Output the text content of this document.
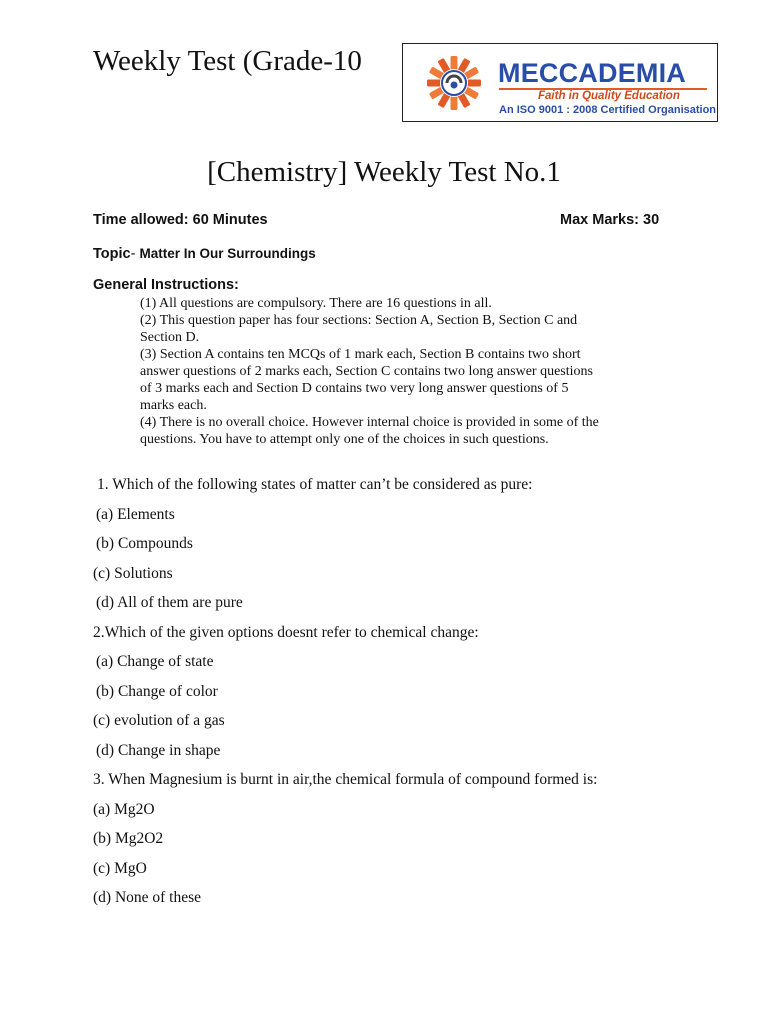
Weekly Test (Grade-10	MECCADEMIA
Faith in Quality Education
An ISO 9001 : 2008 Certified Organisation
[Chemistry] Weekly Test No.1
Time allowed: 60 Minutes	Max Marks: 30
Topic- Matter In Our Surroundings
General Instructions:
(1) All questions are compulsory. There are 16 questions in all.
(2) This question paper has four sections: Section A, Section B, Section C and
Section D.
(3) Section A contains ten MCQs of 1 mark each, Section B contains two short
answer questions of 2 marks each, Section C contains two long answer questions
of 3 marks each and Section D contains two very long answer questions of 5
marks each.
(4) There is no overall choice. However internal choice is provided in some of the
questions. You have to attempt only one of the choices in such questions.
1. Which of the following states of matter can’t be considered as pure:
(a) Elements
(b) Compounds
(c) Solutions
(d) All of them are pure
2.Which of the given options doesnt refer to chemical change:
(a) Change of state
(b) Change of color
(c) evolution of a gas
(d) Change in shape
3. When Magnesium is burnt in air,the chemical formula of compound formed is:
(a) Mg2O
(b) Mg2O2
(c) MgO
(d) None of these
